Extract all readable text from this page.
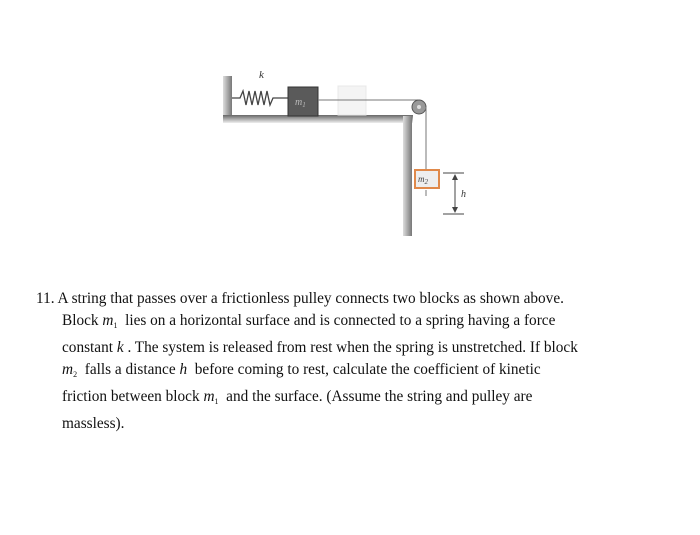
k
$m_1$
$m_2$
h
11. A string that passes over a frictionless pulley connects two blocks as shown above.
Block $m_1$ lies on a horizontal surface and is connected to a spring having a force
constant k . The system is released from rest when the spring is unstretched. If block
$m_2$ falls a distance h before coming to rest, calculate the coefficient of kinetic
friction between block $m_1$ and the surface. (Assume the string and pulley are
massless).
